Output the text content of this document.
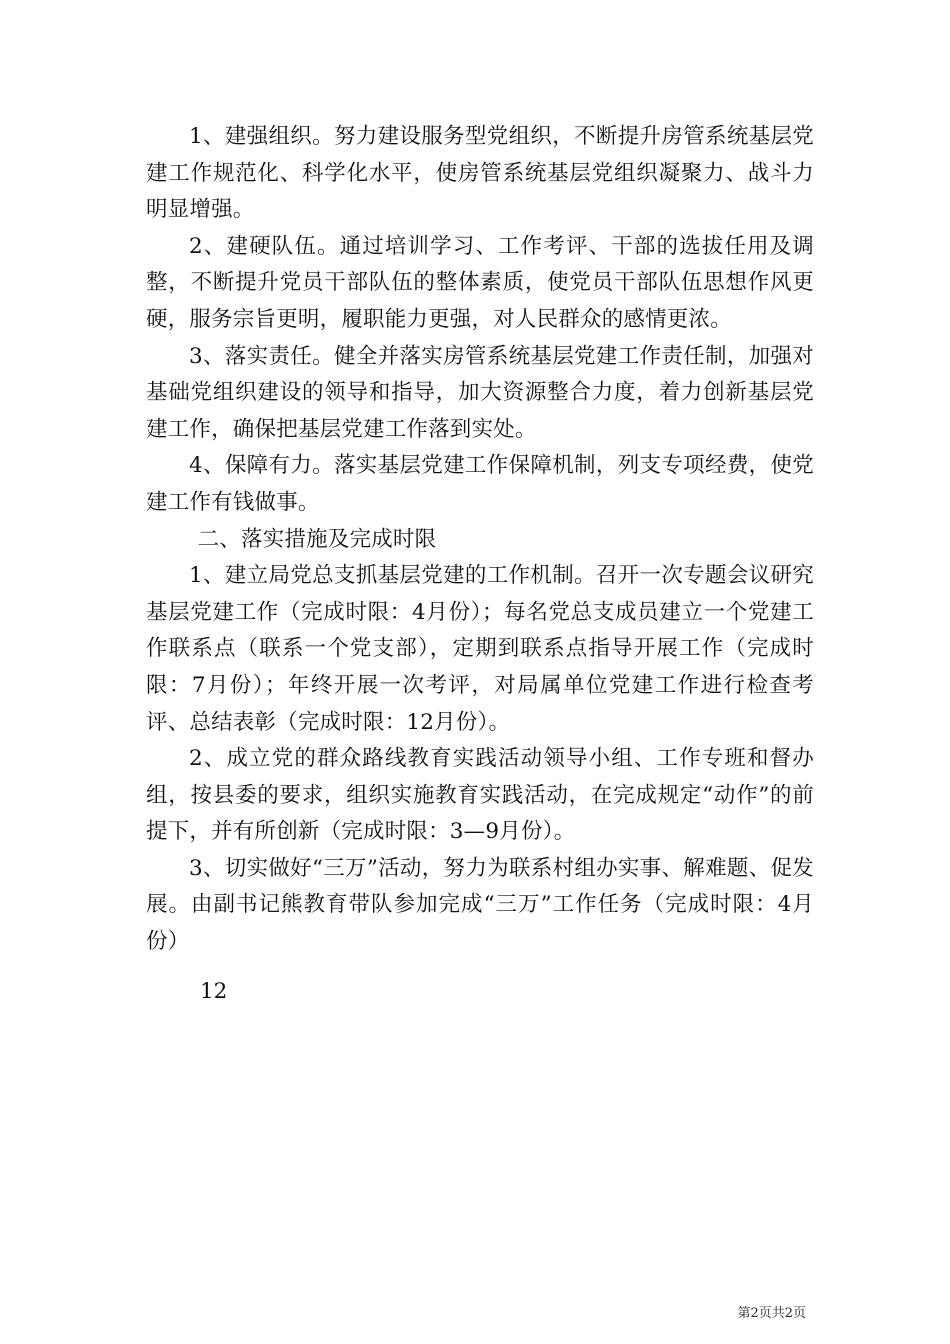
1、建强组织。努力建设服务型党组织，不断提升房管系统基层党建工作规范化、科学化水平，使房管系统基层党组织凝聚力、战斗力明显增强。

2、建硬队伍。通过培训学习、工作考评、干部的选拔任用及调整，不断提升党员干部队伍的整体素质，使党员干部队伍思想作风更硬，服务宗旨更明，履职能力更强，对人民群众的感情更浓。

3、落实责任。健全并落实房管系统基层党建工作责任制，加强对基础党组织建设的领导和指导，加大资源整合力度，着力创新基层党建工作，确保把基层党建工作落到实处。

4、保障有力。落实基层党建工作保障机制，列支专项经费，使党建工作有钱做事。

二、落实措施及完成时限

1、建立局党总支抓基层党建的工作机制。召开一次专题会议研究基层党建工作（完成时限：4月份）；每名党总支成员建立一个党建工作联系点（联系一个党支部），定期到联系点指导开展工作（完成时限：7月份）；年终开展一次考评，对局属单位党建工作进行检查考评、总结表彰（完成时限：12月份）。

2、成立党的群众路线教育实践活动领导小组、工作专班和督办组，按县委的要求，组织实施教育实践活动，在完成规定“动作”的前提下，并有所创新（完成时限：3—9月份）。

3、切实做好“三万”活动，努力为联系村组办实事、解难题、促发展。由副书记熊教育带队参加完成“三万”工作任务（完成时限：4月份）

12
第2页共2页
